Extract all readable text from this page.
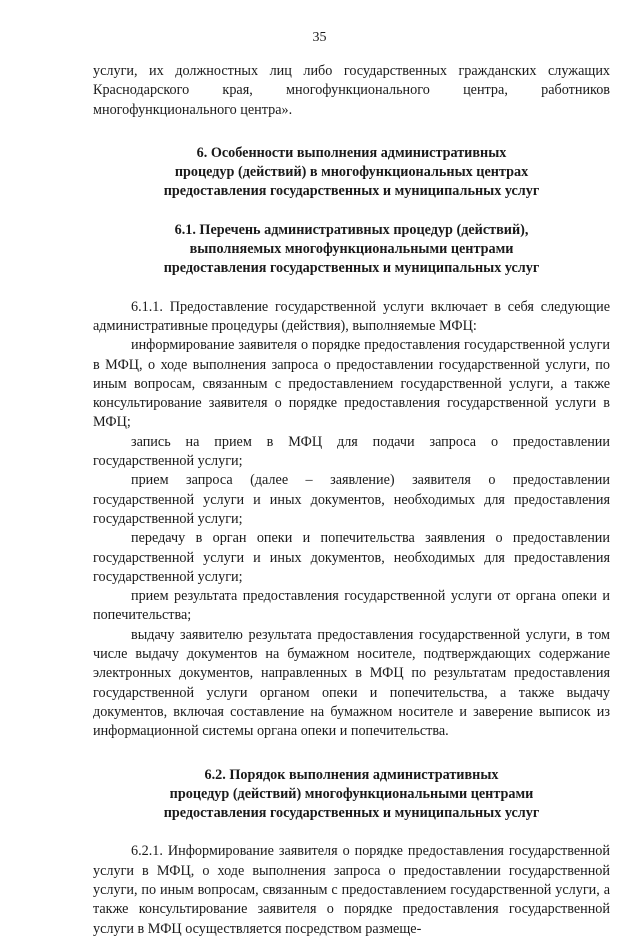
35

услуги, их должностных лиц либо государственных гражданских служащих Краснодарского края, многофункционального центра, работников многофункционального центра».

6. Особенности выполнения административных
процедур (действий) в многофункциональных центрах
предоставления государственных и муниципальных услуг
6.1. Перечень административных процедур (действий),
выполняемых многофункциональными центрами
предоставления государственных и муниципальных услуг

6.1.1. Предоставление государственной услуги включает в себя следующие административные процедуры (действия), выполняемые МФЦ:

информирование заявителя о порядке предоставления государственной услуги в МФЦ, о ходе выполнения запроса о предоставлении государственной услуги, по иным вопросам, связанным с предоставлением государственной услуги, а также консультирование заявителя о порядке предоставления государственной услуги в МФЦ;

запись на прием в МФЦ для подачи запроса о предоставлении государственной услуги;

прием запроса (далее – заявление) заявителя о предоставлении государственной услуги и иных документов, необходимых для предоставления государственной услуги;

передачу в орган опеки и попечительства заявления о предоставлении государственной услуги и иных документов, необходимых для предоставления государственной услуги;

прием результата предоставления государственной услуги от органа опеки и попечительства;

выдачу заявителю результата предоставления государственной услуги, в том числе выдачу документов на бумажном носителе, подтверждающих содержание электронных документов, направленных в МФЦ по результатам предоставления государственной услуги органом опеки и попечительства, а также выдачу документов, включая составление на бумажном носителе и заверение выписок из информационной системы органа опеки и попечительства.

6.2. Порядок выполнения административных
процедур (действий) многофункциональными центрами
предоставления государственных и муниципальных услуг

6.2.1. Информирование заявителя о порядке предоставления государственной услуги в МФЦ, о ходе выполнения запроса о предоставлении государственной услуги, по иным вопросам, связанным с предоставлением государственной услуги, а также консультирование заявителя о порядке предоставления государственной услуги в МФЦ осуществляется посредством размеще-
